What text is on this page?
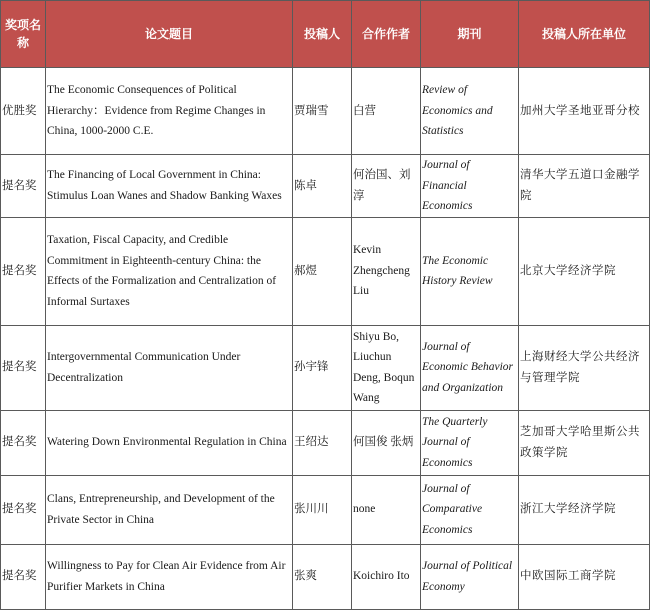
奖项名称	论文题目	投稿人	合作作者	期刊	投稿人所在单位
优胜奖	The Economic Consequences of Political Hierarchy：Evidence from Regime Changes in China, 1000-2000 C.E.	贾瑞雪	白营	Review of Economics and Statistics	加州大学圣地亚哥分校
提名奖	The Financing of Local Government in China: Stimulus Loan Wanes and Shadow Banking Waxes	陈卓	何治国、刘淳	Journal of Financial Economics	清华大学五道口金融学院
提名奖	Taxation, Fiscal Capacity, and Credible Commitment in Eighteenth-century China: the Effects of the Formalization and Centralization of Informal Surtaxes	郝煜	Kevin Zhengcheng Liu	The Economic History Review	北京大学经济学院
提名奖	Intergovernmental Communication Under Decentralization	孙宇锋	Shiyu Bo, Liuchun Deng, Boqun Wang	Journal of Economic Behavior and Organization	上海财经大学公共经济与管理学院
提名奖	Watering Down Environmental Regulation in China	王绍达	何国俊 张炳	The Quarterly Journal of Economics	芝加哥大学哈里斯公共政策学院
提名奖	Clans, Entrepreneurship, and Development of the Private Sector in China	张川川	none	Journal of Comparative Economics	浙江大学经济学院
提名奖	Willingness to Pay for Clean Air Evidence from Air Purifier Markets in China	张爽	Koichiro Ito	Journal of Political Economy	中欧国际工商学院
